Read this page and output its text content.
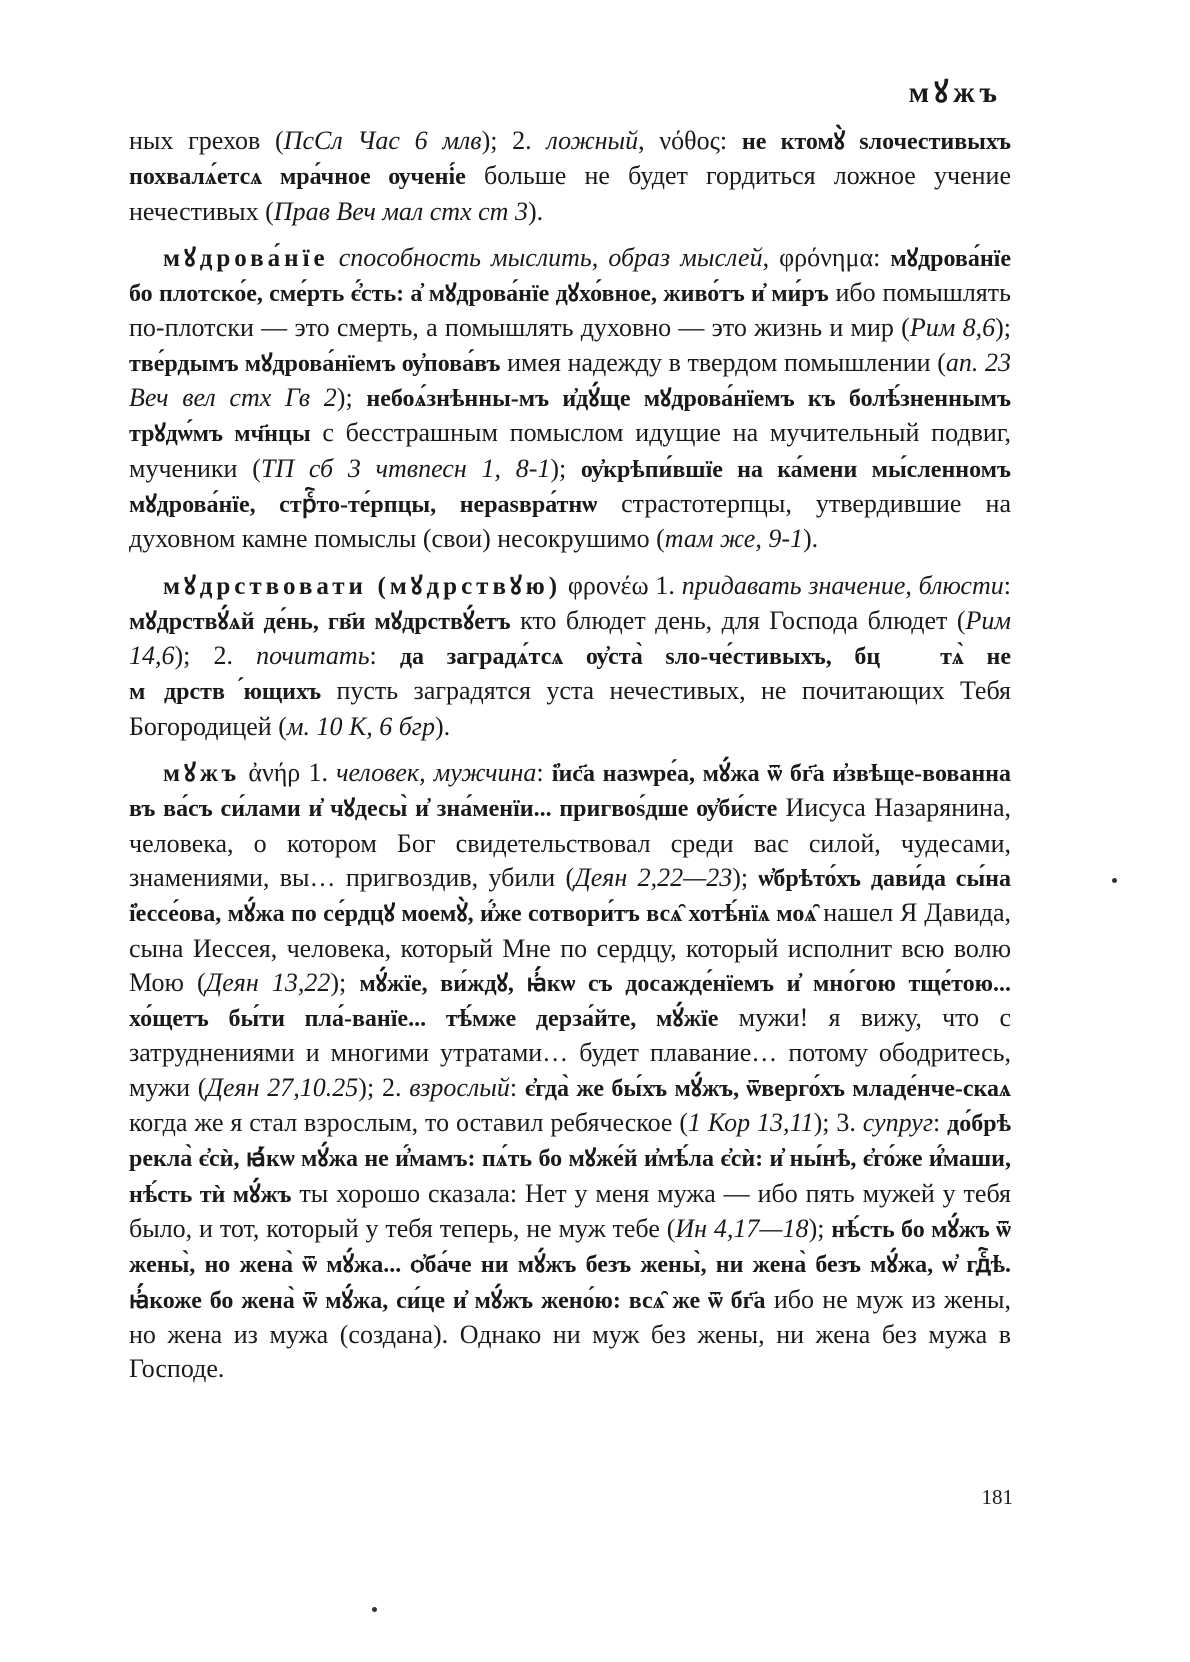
мꙋжъ

ных грехов (ПсСл Час 6 млв); 2. ложный, νόθος: не ктомꙋ̀ ѕлочестивыхъ похвалѧ́етсѧ мра́чное ѹчені́е больше не будет гордиться ложное учение нечестивых (Прав Веч мал стх ст 3).

мꙋдрова́нїе способность мыслить, образ мыслей, φρόνημα: мꙋдрова́нїе бо плотско́е, сме́рть є҆́сть: а҆ мꙋдрова́нїе дꙋхо́вное, живо́тъ и҆ ми́ръ ибо помышлять по-плотски — это смерть, а помышлять духовно — это жизнь и мир (Рим 8,6); тве́рдымъ мꙋдрова́нїемъ ѹ҆пова́въ имея надежду в твердом помышлении (ап. 23 Веч вел стх Гв 2); небоѧ́знѣнны-мъ и҆дꙋ́ще мꙋдрова́нїемъ къ болѣ́зненнымъ трꙋдѡ́мъ мч҃нцы с бесстрашным помыслом идущие на мучительный подвиг, мученики (ТП сб 3 чтвпесн 1, 8-1); ѹ҆крѣпи́вшїе на ка́мени мы́сленномъ мꙋдрова́нїе, стрⷭ҇то-те́рпцы, нераѕвра́тнѡ страстотерпцы, утвердившие на духовном камне помыслы (свои) несокрушимо (там же, 9-1).

мꙋдрствовати (мꙋдрствꙋю) φρονέω 1. придавать значение, блюсти: мꙋдрствꙋ́ѧй де́нь, гв҃и мꙋдрствꙋ́етъ кто блюдет день, для Господа блюдет (Рим 14,6); 2. почитать: да заградѧ́тсѧ ѹ҆ста̀ ѕло-че́стивыхъ, бцⷣꙋ тѧ̀ не мꙋдрствꙋ́ющихъ пусть заградятся уста нечестивых, не почитающих Тебя Богородицей (м. 10 К, 6 бгр).

мꙋжъ ἀνήρ 1. человек, мужчина: і҆ис҃а назѡре́а, мꙋ́жа ѿ бг҃а и҆звѣще-вованна въ ва́съ си́лами и҆ чꙋдесы̀ и҆ зна́менїи... пригвоѕ́дше ѹ҆би́сте Иисуса Назарянина, человека, о котором Бог свидетельствовал среди вас силой, чудесами, знамениями, вы… пригвоздив, убили (Деян 2,22—23); ѡ҆брѣто́хъ дави́да сы́на і҆ессе́ова, мꙋ́жа по се́рдцꙋ моемꙋ̀, и҆́же сотвори́тъ всѧ̑ хотѣ́нїѧ моѧ̑ нашел Я Давида, сына Иессея, человека, который Мне по сердцу, который исполнит всю волю Мою (Деян 13,22); мꙋ́жїе, ви́ждꙋ, ꙗ҆́кѡ съ досажде́нїемъ и҆ мно́гою тще́тою... хо́щетъ бы́ти пла́-ванїе... тѣ́мже дерза́йте, мꙋ́жїе мужи! я вижу, что с затруднениями и многими утратами… будет плавание… потому ободритесь, мужи (Деян 27,10.25); 2. взрослый: є҆гда̀ же бы́хъ мꙋ́жъ, ѿверго́хъ младе́нче-скаѧ когда же я стал взрослым, то оставил ребяческое (1 Кор 13,11); 3. супруг: до́брѣ рекла̀ є҆сѝ, ꙗ҆́кѡ мꙋ́жа не и҆́мамъ: пѧ́ть бо мꙋже́й и҆мѣ́ла є҆сѝ: и҆ ны́нѣ, є҆го́же и҆́маши, нѣ́сть тѝ мꙋ́жъ ты хорошо сказала: Нет у меня мужа — ибо пять мужей у тебя было, и тот, который у тебя теперь, не муж тебе (Ин 4,17—18); нѣ́сть бо мꙋ́жъ ѿ жены̀, но жена̀ ѿ мꙋ́жа... ѻ҆ба́че ни мꙋ́жъ безъ жены̀, ни жена̀ безъ мꙋ́жа, ѡ҆ гдⷭ҇ѣ. ꙗ҆́коже бо жена̀ ѿ мꙋ́жа, си́це и҆ мꙋ́жъ жено́ю: всѧ̑ же ѿ бг҃а ибо не муж из жены, но жена из мужа (создана). Однако ни муж без жены, ни жена без мужа в Господе.

181
